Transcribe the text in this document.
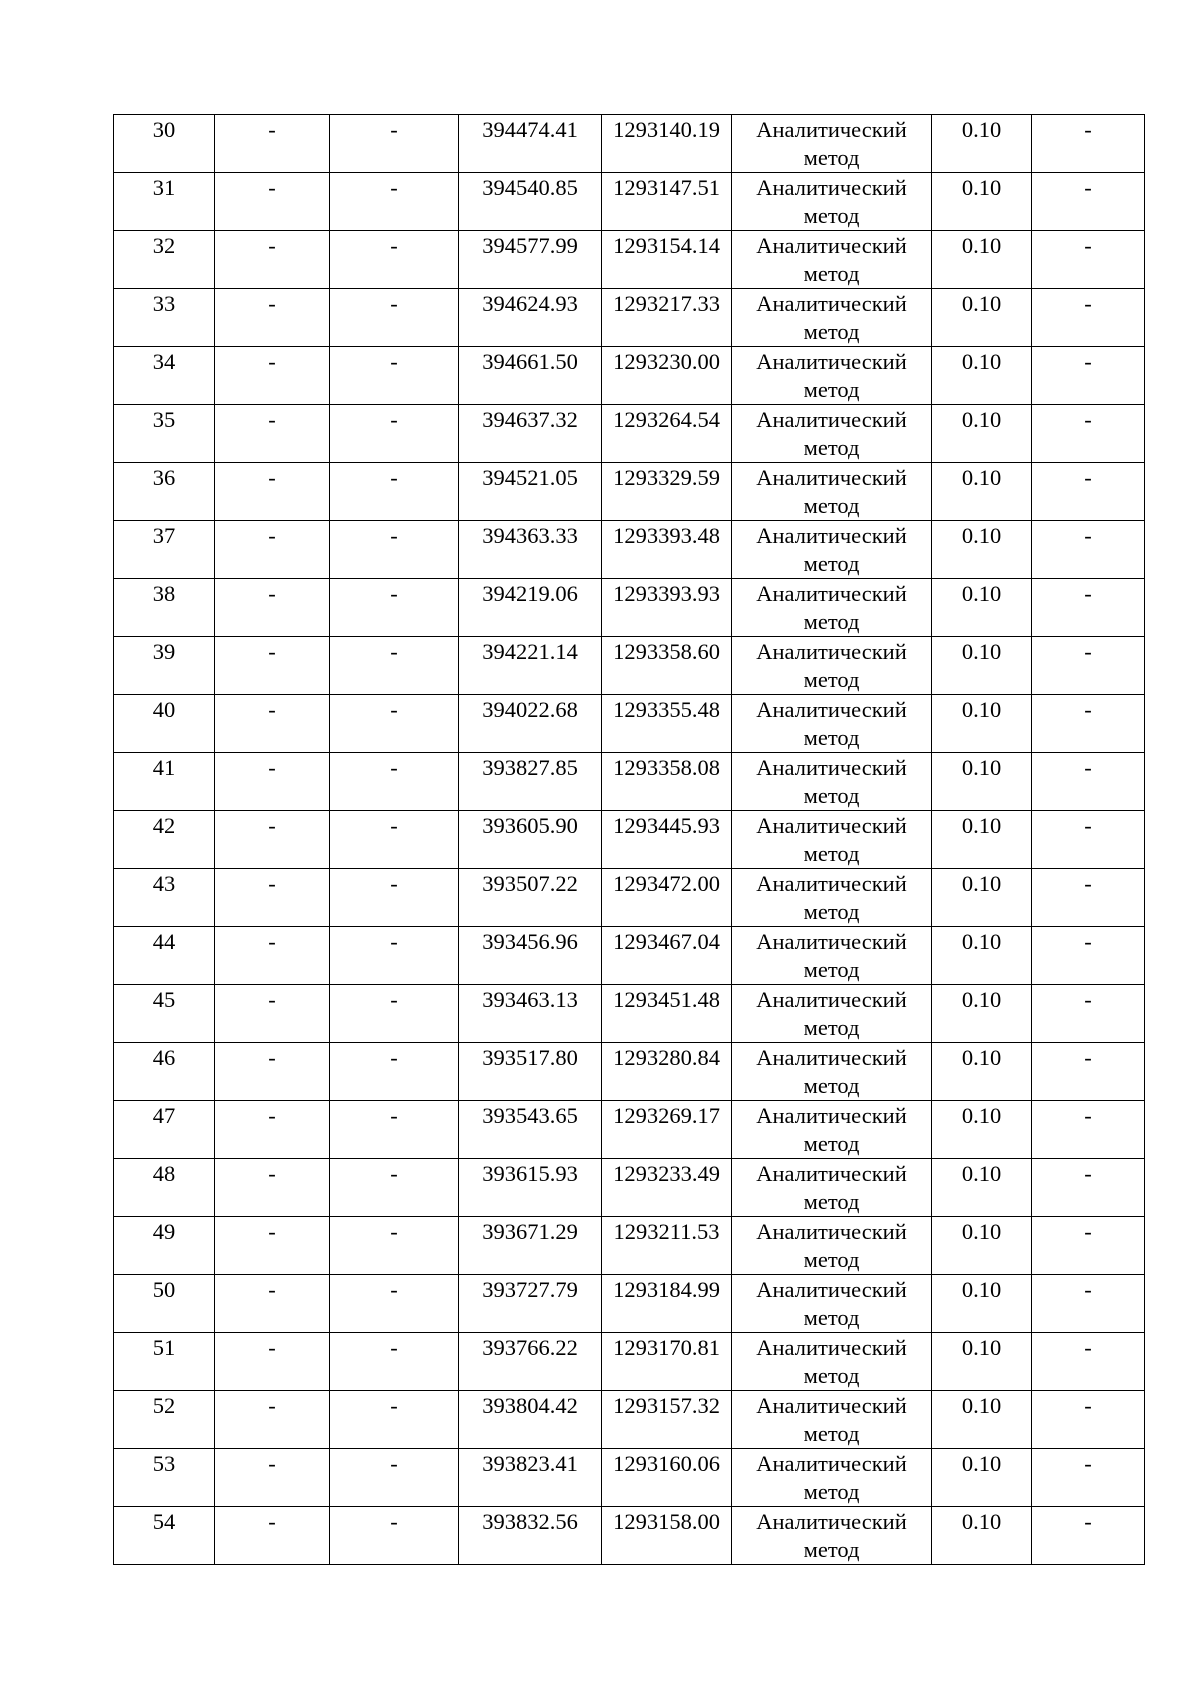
30	-	-	394474.41	1293140.19	Аналитический метод	0.10	-

31	-	-	394540.85	1293147.51	Аналитический метод	0.10	-

32	-	-	394577.99	1293154.14	Аналитический метод	0.10	-

33	-	-	394624.93	1293217.33	Аналитический метод	0.10	-

34	-	-	394661.50	1293230.00	Аналитический метод	0.10	-

35	-	-	394637.32	1293264.54	Аналитический метод	0.10	-

36	-	-	394521.05	1293329.59	Аналитический метод	0.10	-

37	-	-	394363.33	1293393.48	Аналитический метод	0.10	-

38	-	-	394219.06	1293393.93	Аналитический метод	0.10	-

39	-	-	394221.14	1293358.60	Аналитический метод	0.10	-

40	-	-	394022.68	1293355.48	Аналитический метод	0.10	-

41	-	-	393827.85	1293358.08	Аналитический метод	0.10	-

42	-	-	393605.90	1293445.93	Аналитический метод	0.10	-

43	-	-	393507.22	1293472.00	Аналитический метод	0.10	-

44	-	-	393456.96	1293467.04	Аналитический метод	0.10	-

45	-	-	393463.13	1293451.48	Аналитический метод	0.10	-

46	-	-	393517.80	1293280.84	Аналитический метод	0.10	-

47	-	-	393543.65	1293269.17	Аналитический метод	0.10	-

48	-	-	393615.93	1293233.49	Аналитический метод	0.10	-

49	-	-	393671.29	1293211.53	Аналитический метод	0.10	-

50	-	-	393727.79	1293184.99	Аналитический метод	0.10	-

51	-	-	393766.22	1293170.81	Аналитический метод	0.10	-

52	-	-	393804.42	1293157.32	Аналитический метод	0.10	-

53	-	-	393823.41	1293160.06	Аналитический метод	0.10	-

54	-	-	393832.56	1293158.00	Аналитический метод	0.10	-
